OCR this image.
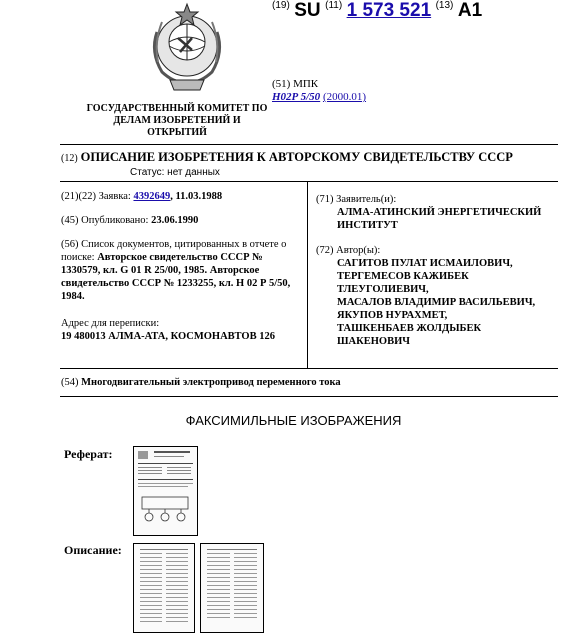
ГОСУДАРСТВЕННЫЙ КОМИТЕТ ПО
ДЕЛАМ ИЗОБРЕТЕНИЙ И ОТКРЫТИЙ
$^{(19)}$ SU $^{(11)}$ 1 573 521 $^{(13)}$ A1
(51) МПК
H02P 5/50 (2000.01)
(12) ОПИСАНИЕ ИЗОБРЕТЕНИЯ К АВТОРСКОМУ СВИДЕТЕЛЬСТВУ СССР
Статус: нет данных

(21)(22) Заявка: 4392649, 11.03.1988

(45) Опубликовано: 23.06.1990

(56) Список документов, цитированных в отчете о поиске: Авторское свидетельство СССР № 1330579, кл. G 01 R 25/00, 1985. Авторское свидетельство СССР № 1233255, кл. Н 02 Р 5/50, 1984.

Адрес для переписки:
19 480013 АЛМА-АТА, КОСМОНАВТОВ 126

(71) Заявитель(и):

АЛМА-АТИНСКИЙ ЭНЕРГЕТИЧЕСКИЙ ИНСТИТУТ

(72) Автор(ы):
САГИТОВ ПУЛАТ ИСМАИЛОВИЧ,
ТЕРГЕМЕСОВ КАЖИБЕК
ТЛЕУГОЛИЕВИЧ,
МАСАЛОВ ВЛАДИМИР ВАСИЛЬЕВИЧ,
ЯКУПОВ НУРАХМЕТ,
ТАШКЕНБАЕВ ЖОЛДЫБЕК
ШАКЕНОВИЧ

(54) Многодвигательный электропривод переменного тока
ФАКСИМИЛЬНЫЕ ИЗОБРАЖЕНИЯ
Реферат:
Описание:
